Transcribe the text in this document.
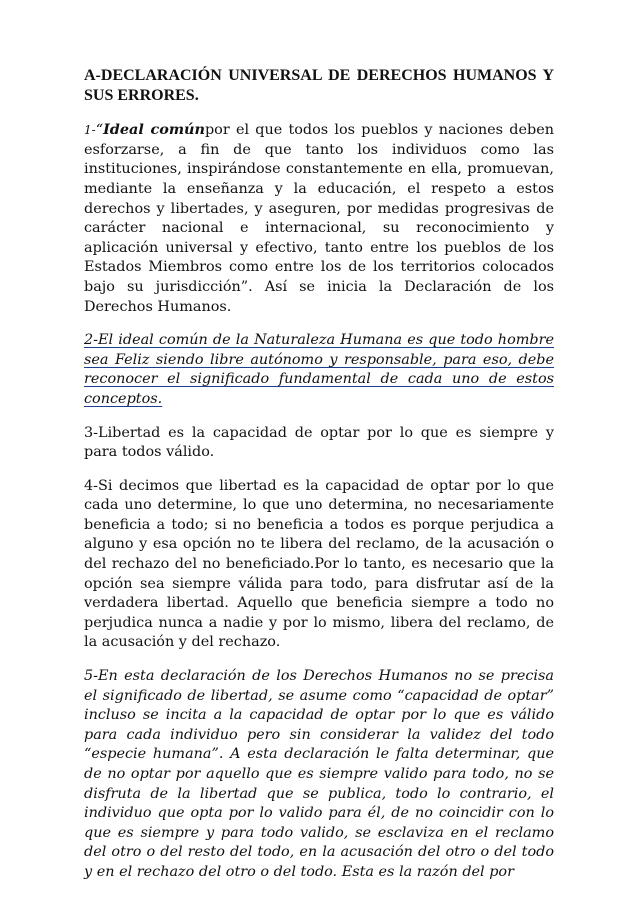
A-DECLARACIÓN UNIVERSAL DE DERECHOS HUMANOS Y SUS ERRORES.

1-“Ideal comúnpor el que todos los pueblos y naciones deben esforzarse, a fin de que tanto los individuos como las instituciones, inspirándose constantemente en ella, promuevan, mediante la enseñanza y la educación, el respeto a estos derechos y libertades, y aseguren, por medidas progresivas de carácter nacional e internacional, su reconocimiento y aplicación universal y efectivo, tanto entre los pueblos de los Estados Miembros como entre los de los territorios colocados bajo su jurisdicción”. Así se inicia la Declaración de los Derechos Humanos.

2-El ideal común de la Naturaleza Humana es que todo hombre sea Feliz siendo libre autónomo y responsable, para eso, debe reconocer el significado fundamental de cada uno de estos conceptos.

3-Libertad es la capacidad de optar por lo que es siempre y para todos válido.

4-Si decimos que libertad es la capacidad de optar por lo que cada uno determine, lo que uno determina, no necesariamente beneficia a todo; si no beneficia a todos es porque perjudica a alguno y esa opción no te libera del reclamo, de la acusación o del rechazo del no beneficiado.Por lo tanto, es necesario que la opción sea siempre válida para todo, para disfrutar así de la verdadera libertad. Aquello que beneficia siempre a todo no perjudica nunca a nadie y por lo mismo, libera del reclamo, de la acusación y del rechazo.

5-En esta declaración de los Derechos Humanos no se precisa el significado de libertad, se asume como “capacidad de optar” incluso se incita a la capacidad de optar por lo que es válido para cada individuo pero sin considerar la validez del todo “especie humana”. A esta declaración le falta determinar, que de no optar por aquello que es siempre valido para todo, no se disfruta de la libertad que se publica, todo lo contrario, el individuo que opta por lo valido para él, de no coincidir con lo que es siempre y para todo valido, se esclaviza en el reclamo del otro o del resto del todo, en la acusación del otro o del todo y en el rechazo del otro o del todo. Esta es la razón del por
